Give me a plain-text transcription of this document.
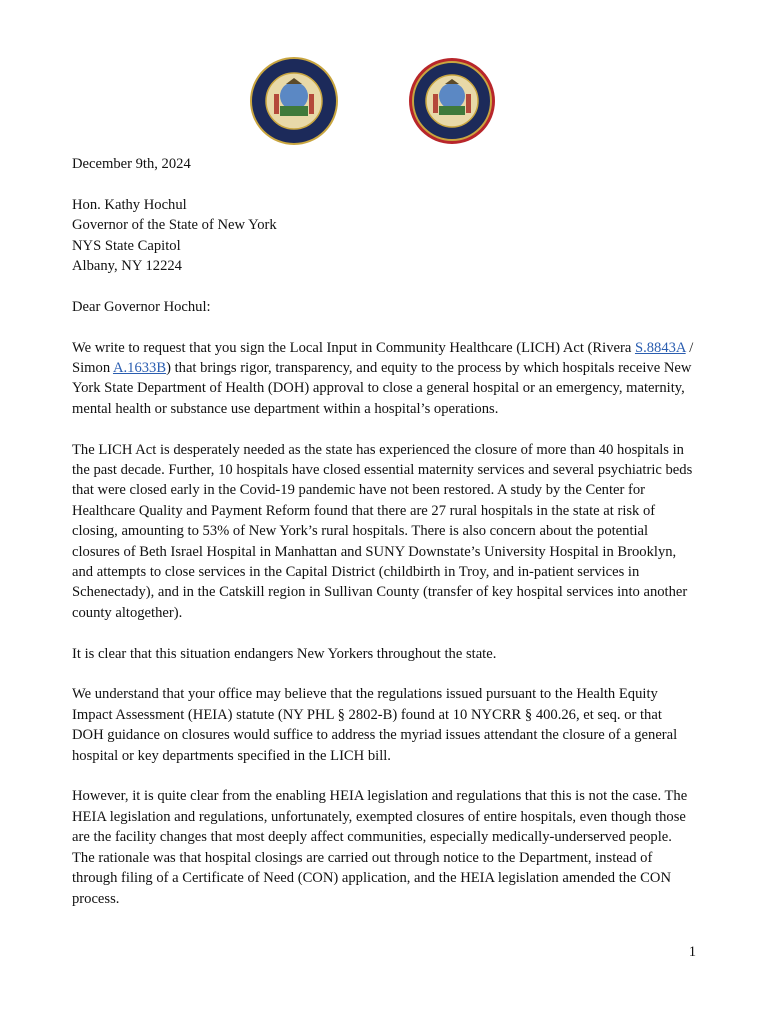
December 9th, 2024

Hon. Kathy Hochul
Governor of the State of New York
NYS State Capitol
Albany, NY 12224

Dear Governor Hochul:

We write to request that you sign the Local Input in Community Healthcare (LICH) Act (Rivera S.8843A / Simon A.1633B) that brings rigor, transparency, and equity to the process by which hospitals receive New York State Department of Health (DOH) approval to close a general hospital or an emergency, maternity, mental health or substance use department within a hospital’s operations.

The LICH Act is desperately needed as the state has experienced the closure of more than 40 hospitals in the past decade. Further, 10 hospitals have closed essential maternity services and several psychiatric beds that were closed early in the Covid-19 pandemic have not been restored. A study by the Center for Healthcare Quality and Payment Reform found that there are 27 rural hospitals in the state at risk of closing, amounting to 53% of New York’s rural hospitals. There is also concern about the potential closures of Beth Israel Hospital in Manhattan and SUNY Downstate’s University Hospital in Brooklyn, and attempts to close services in the Capital District (childbirth in Troy, and in-patient services in Schenectady), and in the Catskill region in Sullivan County (transfer of key hospital services into another county altogether).

It is clear that this situation endangers New Yorkers throughout the state.

We understand that your office may believe that the regulations issued pursuant to the Health Equity Impact Assessment (HEIA) statute (NY PHL § 2802-B) found at 10 NYCRR § 400.26, et seq. or that DOH guidance on closures would suffice to address the myriad issues attendant the closure of a general hospital or key departments specified in the LICH bill.

However, it is quite clear from the enabling HEIA legislation and regulations that this is not the case. The HEIA legislation and regulations, unfortunately, exempted closures of entire hospitals, even though those are the facility changes that most deeply affect communities, especially medically-underserved people. The rationale was that hospital closings are carried out through notice to the Department, instead of through filing of a Certificate of Need (CON) application, and the HEIA legislation amended the CON process.

1
